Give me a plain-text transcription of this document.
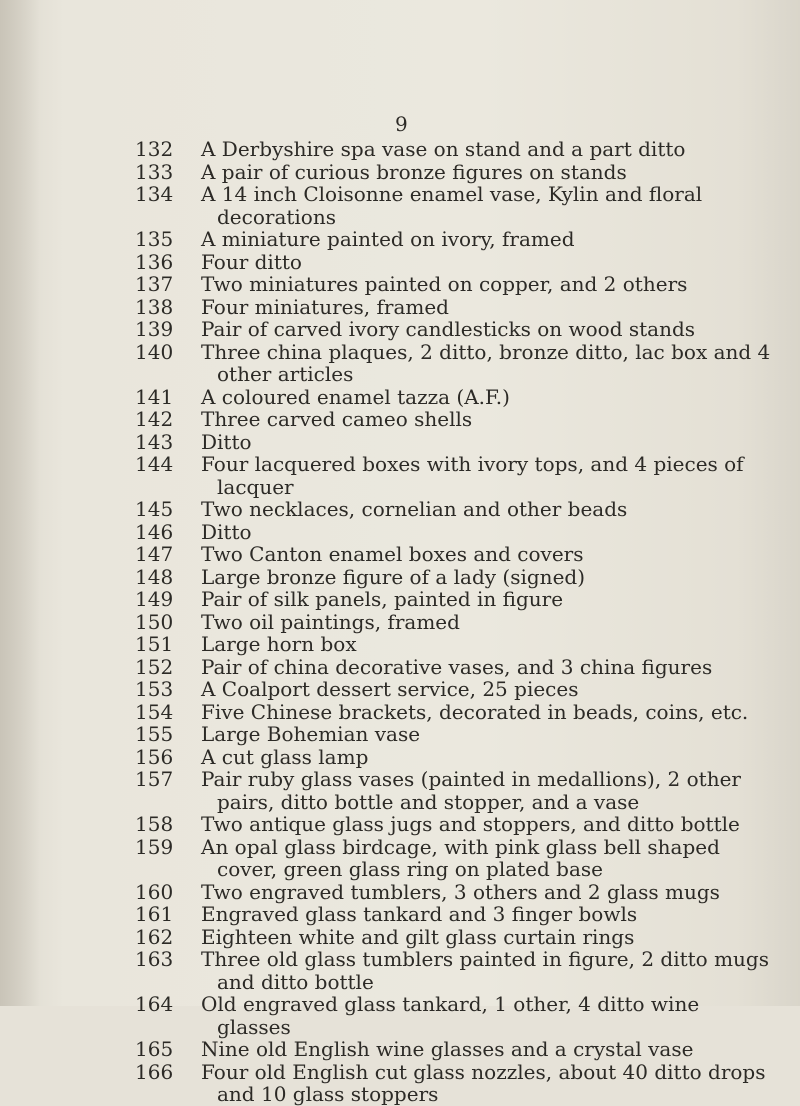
9

132	A Derbyshire spa vase on stand and a part ditto
133	A pair of curious bronze figures on stands
134	A 14 inch Cloisonne enamel vase, Kylin and floral decorations
135	A miniature painted on ivory, framed
136	Four ditto
137	Two miniatures painted on copper, and 2 others
138	Four miniatures, framed
139	Pair of carved ivory candlesticks on wood stands
140	Three china plaques, 2 ditto, bronze ditto, lac box and 4 other articles
141	A coloured enamel tazza (A.F.)
142	Three carved cameo shells
143	Ditto
144	Four lacquered boxes with ivory tops, and 4 pieces of lacquer
145	Two necklaces, cornelian and other beads
146	Ditto
147	Two Canton enamel boxes and covers
148	Large bronze figure of a lady (signed)
149	Pair of silk panels, painted in figure
150	Two oil paintings, framed
151	Large horn box
152	Pair of china decorative vases, and 3 china figures
153	A Coalport dessert service, 25 pieces
154	Five Chinese brackets, decorated in beads, coins, etc.
155	Large Bohemian vase
156	A cut glass lamp
157	Pair ruby glass vases (painted in medallions), 2 other pairs, ditto bottle and stopper, and a vase
158	Two antique glass jugs and stoppers, and ditto bottle
159	An opal glass birdcage, with pink glass bell shaped cover, green glass ring on plated base
160	Two engraved tumblers, 3 others and 2 glass mugs
161	Engraved glass tankard and 3 finger bowls
162	Eighteen white and gilt glass curtain rings
163	Three old glass tumblers painted in figure, 2 ditto mugs and ditto bottle
164	Old engraved glass tankard, 1 other, 4 ditto wine glasses
165	Nine old English wine glasses and a crystal vase
166	Four old English cut glass nozzles, about 40 ditto drops and 10 glass stoppers
